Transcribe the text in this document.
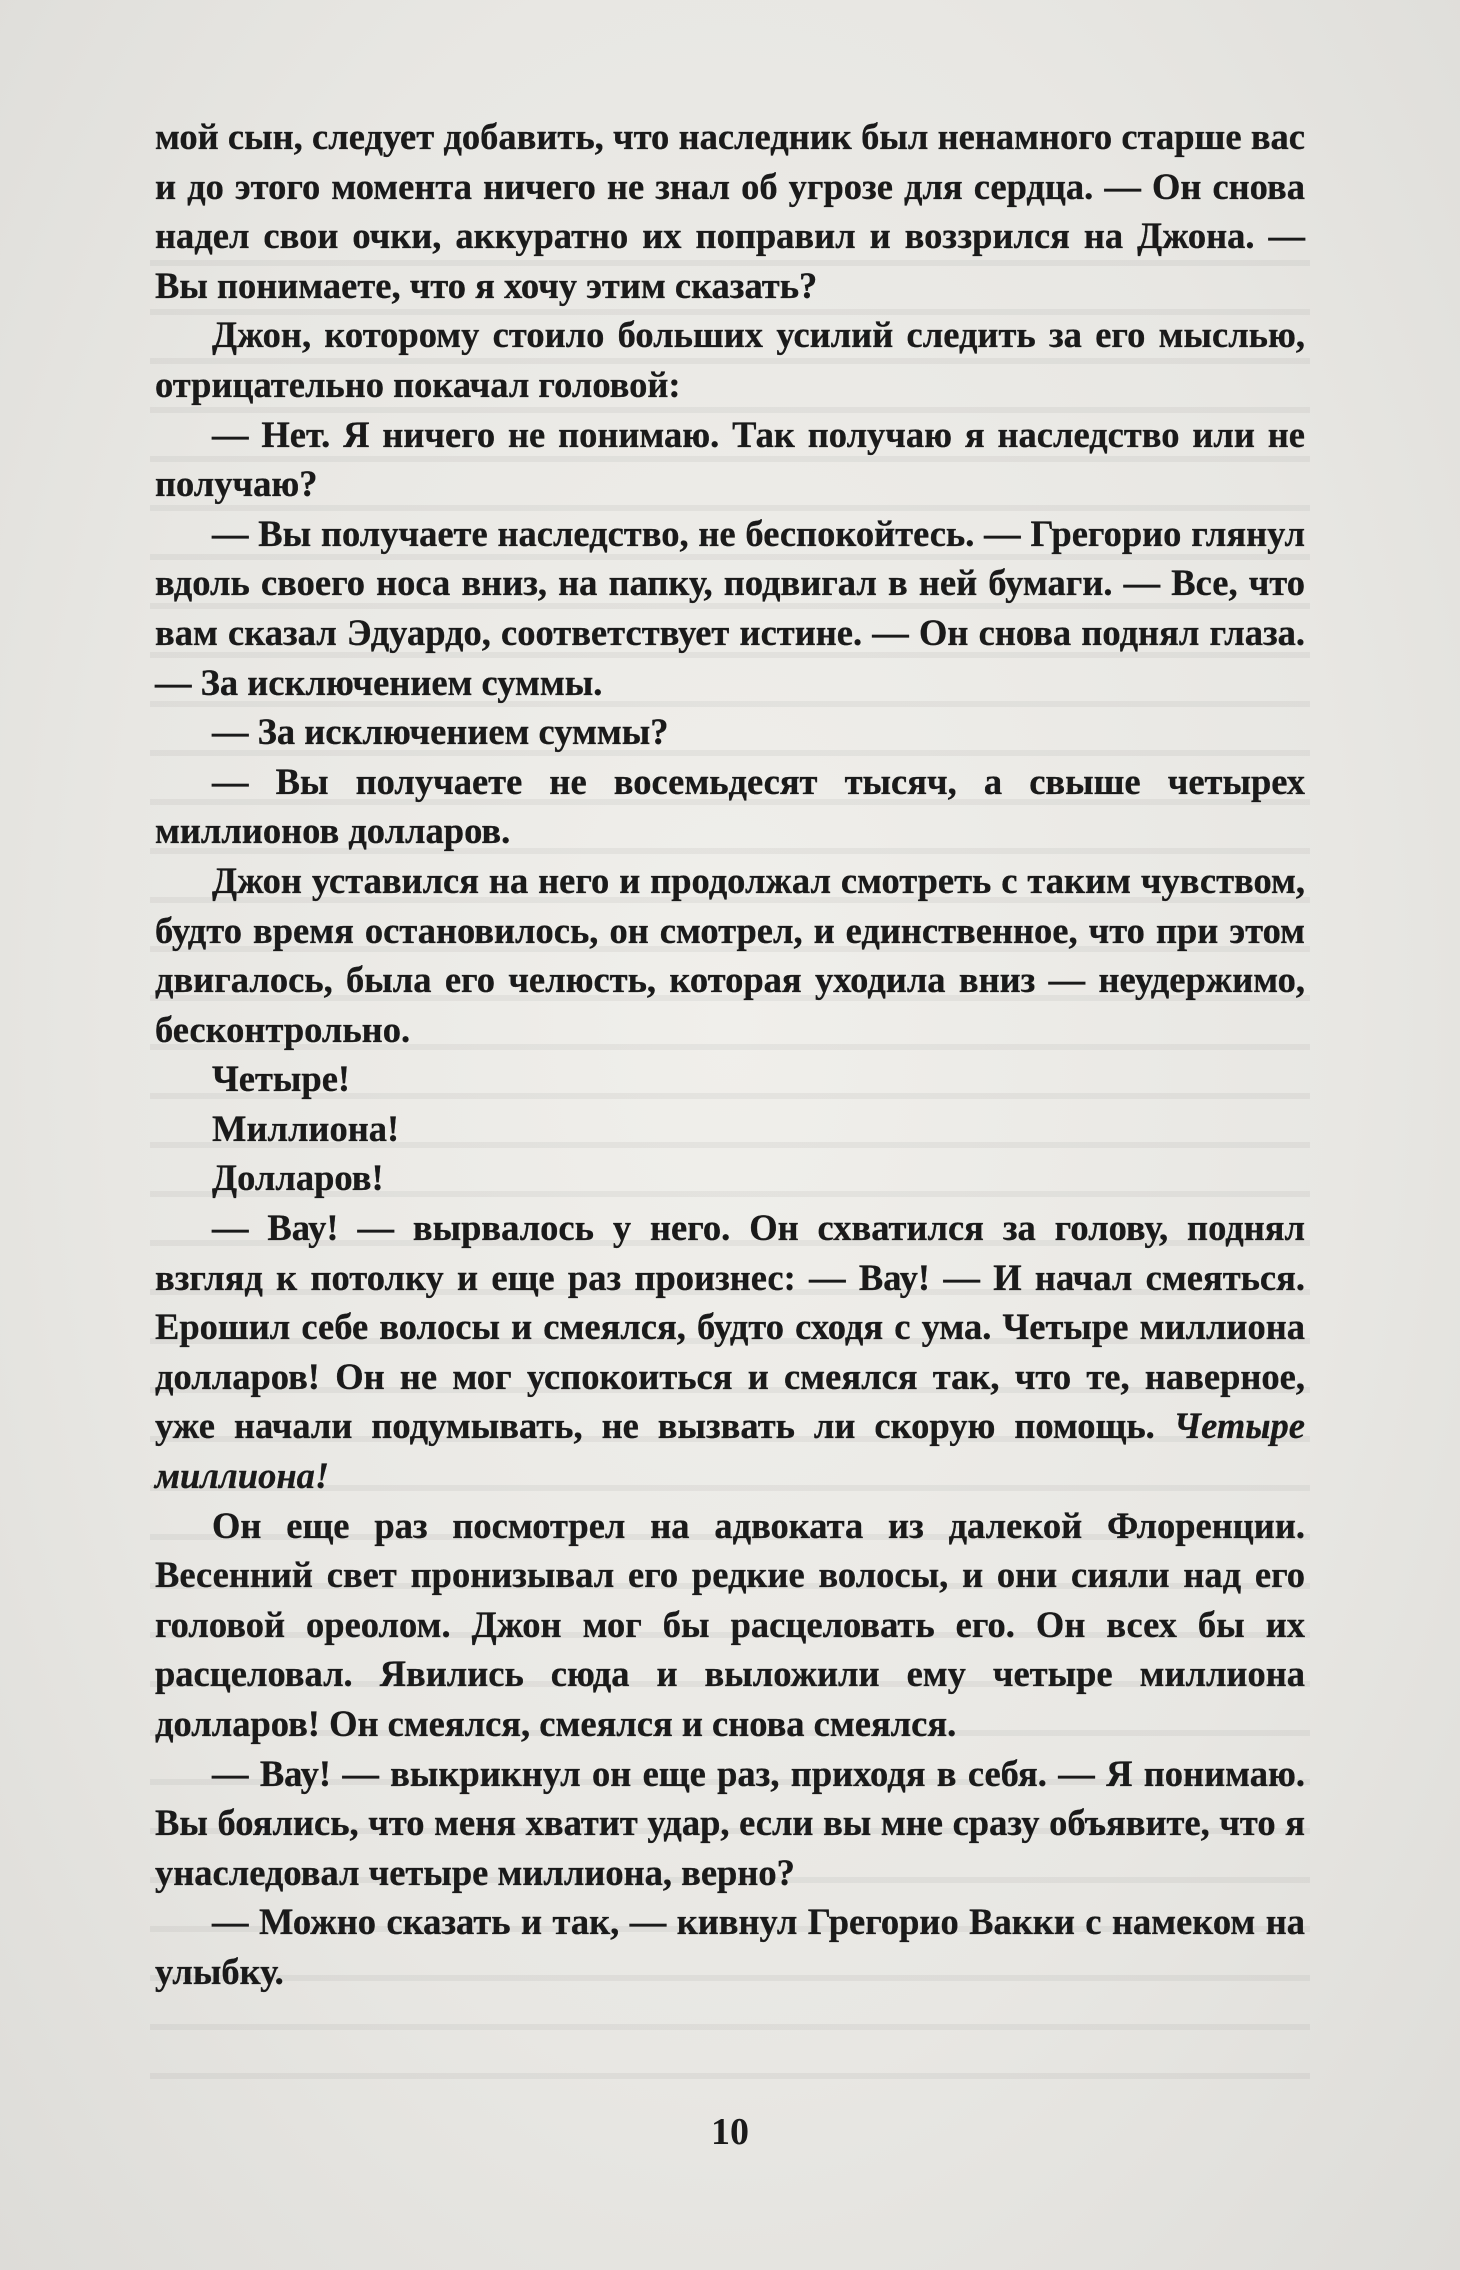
мой сын, следует добавить, что наследник был ненамного старше вас и до этого момента ничего не знал об угрозе для сердца. — Он снова надел свои очки, аккуратно их поправил и воззрился на Джона. — Вы понимаете, что я хочу этим сказать?

Джон, которому стоило больших усилий следить за его мыслью, отрицательно покачал головой:

— Нет. Я ничего не понимаю. Так получаю я наследство или не получаю?

— Вы получаете наследство, не беспокойтесь. — Грегорио глянул вдоль своего носа вниз, на папку, подвигал в ней бумаги. — Все, что вам сказал Эдуардо, соответствует истине. — Он снова поднял глаза. — За исключением суммы.

— За исключением суммы?

— Вы получаете не восемьдесят тысяч, а свыше четырех миллионов долларов.

Джон уставился на него и продолжал смотреть с таким чувством, будто время остановилось, он смотрел, и единственное, что при этом двигалось, была его челюсть, которая уходила вниз — неудержимо, бесконтрольно.

Четыре!

Миллиона!

Долларов!

— Вау! — вырвалось у него. Он схватился за голову, поднял взгляд к потолку и еще раз произнес: — Вау! — И начал смеяться. Ерошил себе волосы и смеялся, будто сходя с ума. Четыре миллиона долларов! Он не мог успокоиться и смеялся так, что те, наверное, уже начали подумывать, не вызвать ли скорую помощь. Четыре миллиона!

Он еще раз посмотрел на адвоката из далекой Флоренции. Весенний свет пронизывал его редкие волосы, и они сияли над его головой ореолом. Джон мог бы расцеловать его. Он всех бы их расцеловал. Явились сюда и выложили ему четыре миллиона долларов! Он смеялся, смеялся и снова смеялся.

— Вау! — выкрикнул он еще раз, приходя в себя. — Я понимаю. Вы боялись, что меня хватит удар, если вы мне сразу объявите, что я унаследовал четыре миллиона, верно?

— Можно сказать и так, — кивнул Грегорио Вакки с намеком на улыбку.

10
